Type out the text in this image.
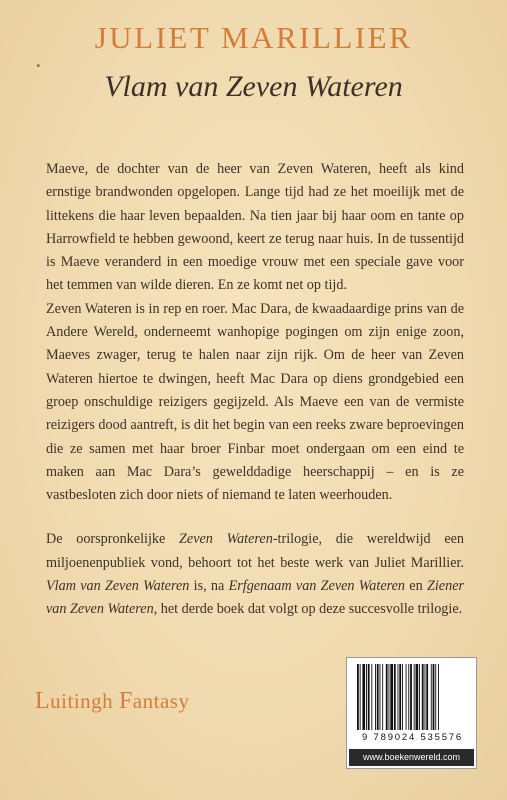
JULIET MARILLIER
•
Vlam van Zeven Wateren

Maeve, de dochter van de heer van Zeven Wateren, heeft als kind ernstige brandwonden opgelopen. Lange tijd had ze het moeilijk met de littekens die haar leven bepaalden. Na tien jaar bij haar oom en tante op Harrowfield te hebben gewoond, keert ze terug naar huis. In de tussentijd is Maeve veranderd in een moedige vrouw met een speciale gave voor het temmen van wilde dieren. En ze komt net op tijd.
Zeven Wateren is in rep en roer. Mac Dara, de kwaadaardige prins van de Andere Wereld, onderneemt wanhopige pogingen om zijn enige zoon, Maeves zwager, terug te halen naar zijn rijk. Om de heer van Zeven Wateren hiertoe te dwingen, heeft Mac Dara op diens grondgebied een groep onschuldige reizigers gegijzeld. Als Maeve een van de vermiste reizigers dood aantreft, is dit het begin van een reeks zware beproevingen die ze samen met haar broer Finbar moet ondergaan om een eind te maken aan Mac Dara’s gewelddadige heerschappij – en is ze vastbesloten zich door niets of niemand te laten weerhouden.

De oorspronkelijke Zeven Wateren-trilogie, die wereldwijd een miljoenenpubliek vond, behoort tot het beste werk van Juliet Marillier. Vlam van Zeven Wateren is, na Erfgenaam van Zeven Wateren en Ziener van Zeven Wateren, het derde boek dat volgt op deze succesvolle trilogie.

Luitingh Fantasy
9 789024 535576
www.boekenwereld.com
